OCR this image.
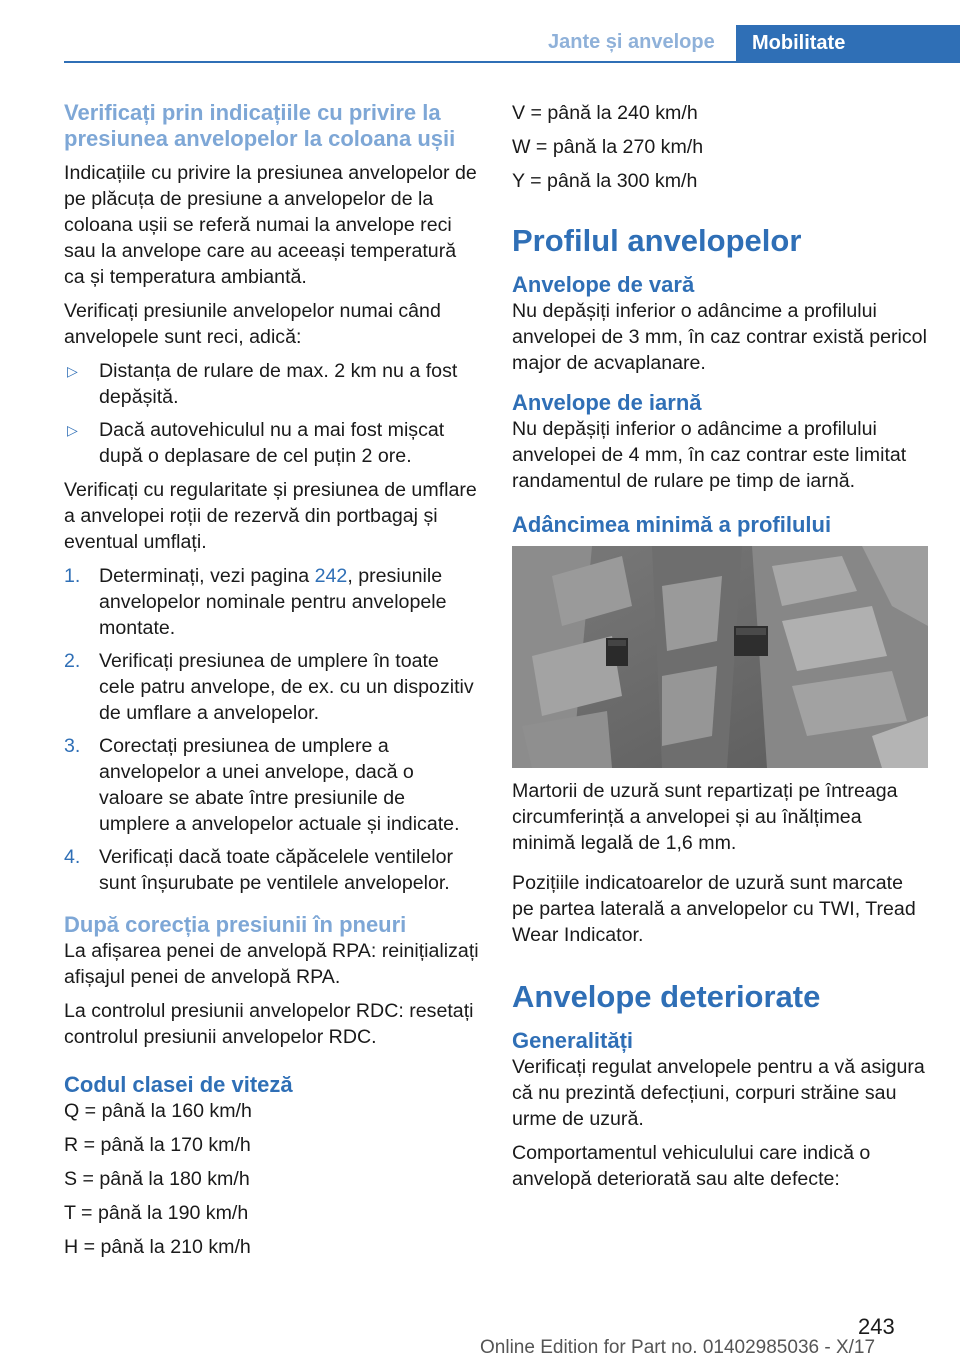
Jante și anvelope	Mobilitate
Verificați prin indicațiile cu privire la presiunea anvelopelor la coloana ușii

Indicațiile cu privire la presiunea anvelopelor de pe plăcuța de presiune a anvelopelor de la coloana ușii se referă numai la anvelope reci sau la anvelope care au aceeași temperatură ca și temperatura ambiantă.

Verificați presiunile anvelopelor numai când anvelopele sunt reci, adică:

▷ Distanța de rulare de max. 2 km nu a fost depășită.
▷ Dacă autovehiculul nu a mai fost mișcat după o deplasare de cel puțin 2 ore.

Verificați cu regularitate și presiunea de umflare a anvelopei roții de rezervă din portbagaj și eventual umflați.

1. Determinați, vezi pagina 242, presiunile anvelopelor nominale pentru anvelopele montate.
2. Verificați presiunea de umplere în toate cele patru anvelope, de ex. cu un dispozitiv de umflare a anvelopelor.
3. Corectați presiunea de umplere a anvelopelor a unei anvelope, dacă o valoare se abate între presiunile de umplere a anvelopelor actuale și indicate.
4. Verificați dacă toate căpăcelele ventilelor sunt înșurubate pe ventilele anvelopelor.
După corecția presiunii în pneuri

La afișarea penei de anvelopă RPA: reinițializați afișajul penei de anvelopă RPA.

La controlul presiunii anvelopelor RDC: resetați controlul presiunii anvelopelor RDC.

Codul clasei de viteză

Q = până la 160 km/h

R = până la 170 km/h

S = până la 180 km/h

T = până la 190 km/h

H = până la 210 km/h

V = până la 240 km/h

W = până la 270 km/h

Y = până la 300 km/h

Profilul anvelopelor
Anvelope de vară

Nu depășiți inferior o adâncime a profilului anvelopei de 3 mm, în caz contrar există pericol major de acvaplanare.

Anvelope de iarnă

Nu depășiți inferior o adâncime a profilului anvelopei de 4 mm, în caz contrar este limitat randamentul de rulare pe timp de iarnă.

Adâncimea minimă a profilului

Martorii de uzură sunt repartizați pe întreaga circumferință a anvelopei și au înălțimea minimă legală de 1,6 mm.

Pozițiile indicatoarelor de uzură sunt marcate pe partea laterală a anvelopelor cu TWI, Tread Wear Indicator.

Anvelope deteriorate
Generalități

Verificați regulat anvelopele pentru a vă asigura că nu prezintă defecțiuni, corpuri străine sau urme de uzură.

Comportamentul vehiculului care indică o anvelopă deteriorată sau alte defecte:

243
Online Edition for Part no. 01402985036 - X/17
